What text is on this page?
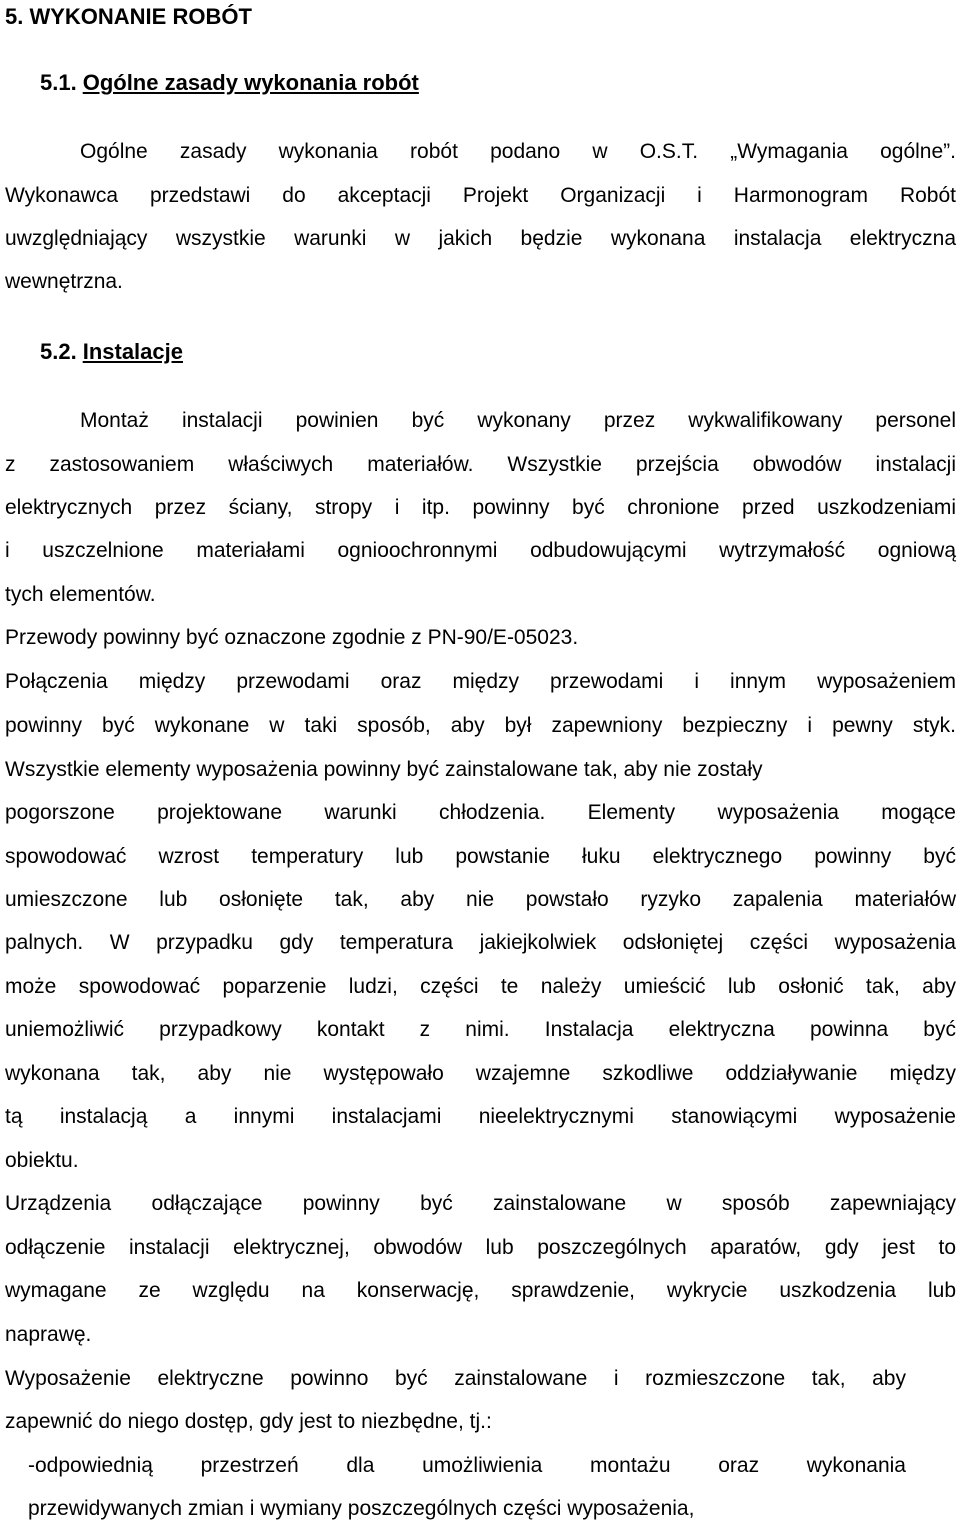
5. WYKONANIE ROBÓT
5.1. Ogólne zasady wykonania robót
Ogólne zasady wykonania robót podano w O.S.T. „Wymagania ogólne”.
Wykonawca przedstawi do akceptacji Projekt Organizacji i Harmonogram Robót
uwzględniający wszystkie warunki w jakich będzie wykonana instalacja elektryczna
wewnętrzna.
5.2. Instalacje
Montaż instalacji powinien być wykonany przez wykwalifikowany personel
z zastosowaniem właściwych materiałów. Wszystkie przejścia obwodów instalacji
elektrycznych przez ściany, stropy i itp. powinny być chronione przed uszkodzeniami
i uszczelnione materiałami ognioochronnymi odbudowującymi wytrzymałość ogniową
tych elementów.
Przewody powinny być oznaczone zgodnie z PN-90/E-05023.
Połączenia między przewodami oraz między przewodami i innym wyposażeniem
powinny być wykonane w taki sposób, aby był zapewniony bezpieczny i pewny styk.
Wszystkie elementy wyposażenia powinny być zainstalowane tak, aby nie zostały
pogorszone projektowane warunki chłodzenia. Elementy wyposażenia mogące
spowodować wzrost temperatury lub powstanie łuku elektrycznego powinny być
umieszczone lub osłonięte tak, aby nie powstało ryzyko zapalenia materiałów
palnych. W przypadku gdy temperatura jakiejkolwiek odsłoniętej części wyposażenia
może spowodować poparzenie ludzi, części te należy umieścić lub osłonić tak, aby
uniemożliwić przypadkowy kontakt z nimi. Instalacja elektryczna powinna być
wykonana tak, aby nie występowało wzajemne szkodliwe oddziaływanie między
tą instalacją a innymi instalacjami nieelektrycznymi stanowiącymi wyposażenie
obiektu.
Urządzenia odłączające powinny być zainstalowane w sposób zapewniający
odłączenie instalacji elektrycznej, obwodów lub poszczególnych aparatów, gdy jest to
wymagane ze względu na konserwację, sprawdzenie, wykrycie uszkodzenia lub
naprawę.
Wyposażenie elektryczne powinno być zainstalowane i rozmieszczone tak, aby
zapewnić do niego dostęp, gdy jest to niezbędne, tj.:
-odpowiednią przestrzeń dla umożliwienia montażu oraz wykonania
przewidywanych zmian i wymiany poszczególnych części wyposażenia,
